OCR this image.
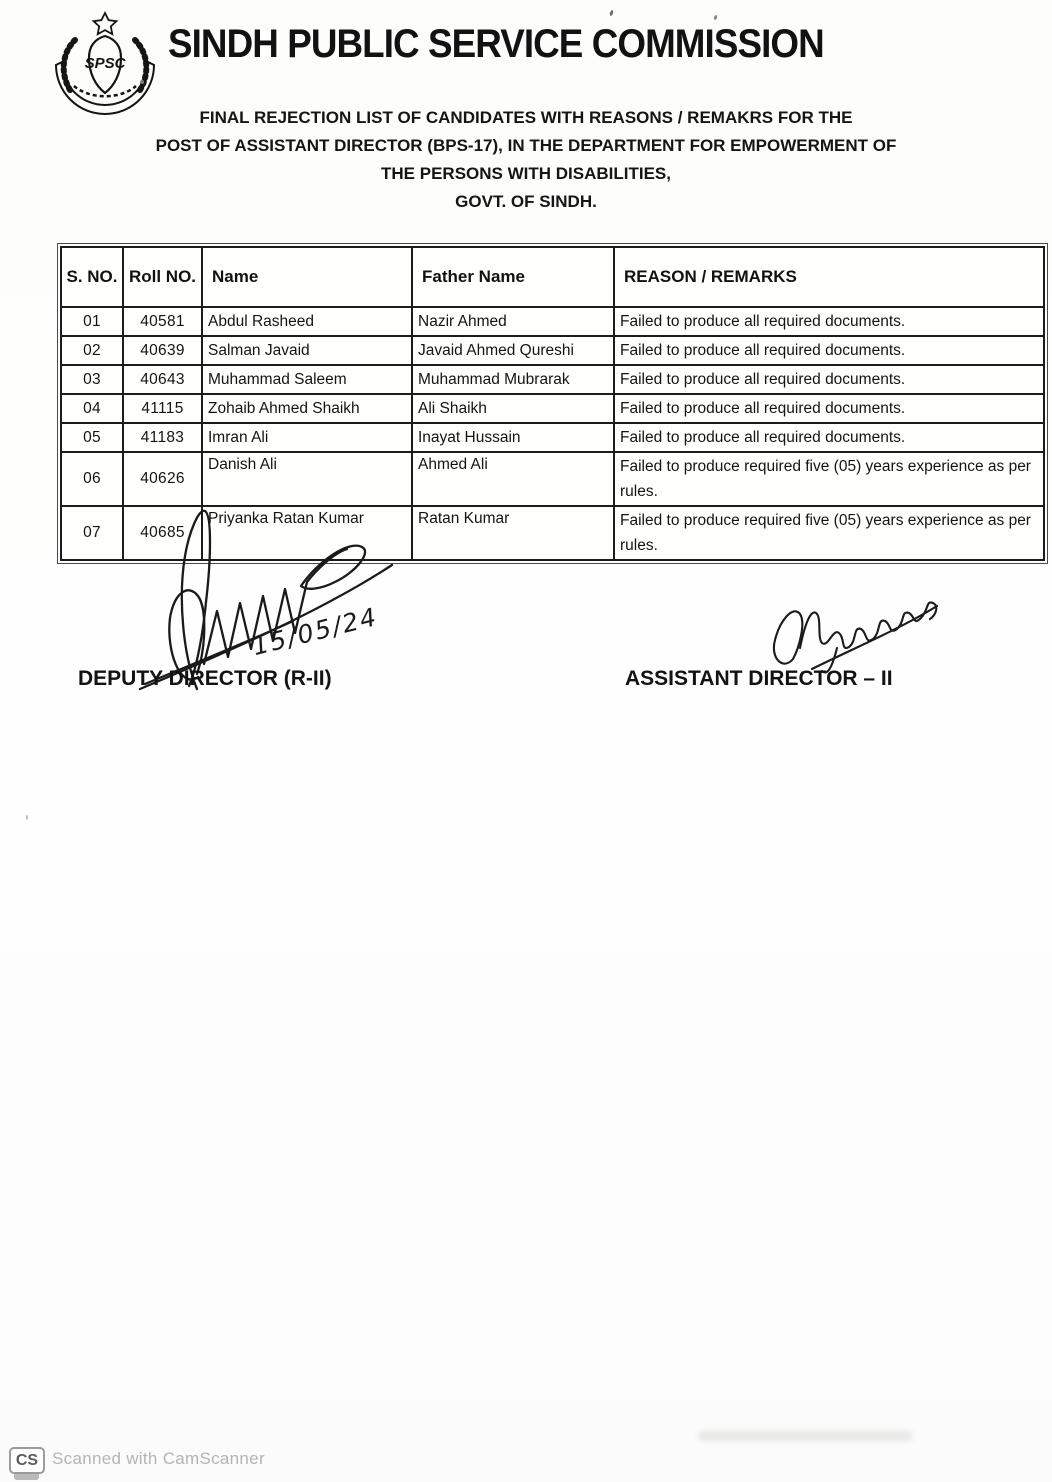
SPSC SINDH PUBLIC SERVICE COMMISSION
FINAL REJECTION LIST OF CANDIDATES WITH REASONS / REMAKRS FOR THE
POST OF ASSISTANT DIRECTOR (BPS-17), IN THE DEPARTMENT FOR EMPOWERMENT OF
THE PERSONS WITH DISABILITIES,
GOVT. OF SINDH.
S. NO.	Roll NO.	Name	Father Name	REASON / REMARKS
01	40581	Abdul Rasheed	Nazir Ahmed	Failed to produce all required documents.
02	40639	Salman Javaid	Javaid Ahmed Qureshi	Failed to produce all required documents.
03	40643	Muhammad Saleem	Muhammad Mubrarak	Failed to produce all required documents.
04	41115	Zohaib Ahmed Shaikh	Ali Shaikh	Failed to produce all required documents.
05	41183	Imran Ali	Inayat Hussain	Failed to produce all required documents.
06	40626	Danish Ali	Ahmed Ali	Failed to produce required five (05) years experience as per rules.
07	40685	Priyanka Ratan Kumar	Ratan Kumar	Failed to produce required five (05) years experience as per rules.
15/05/24
DEPUTY DIRECTOR (R-II)	ASSISTANT DIRECTOR – II
CS Scanned with CamScanner
